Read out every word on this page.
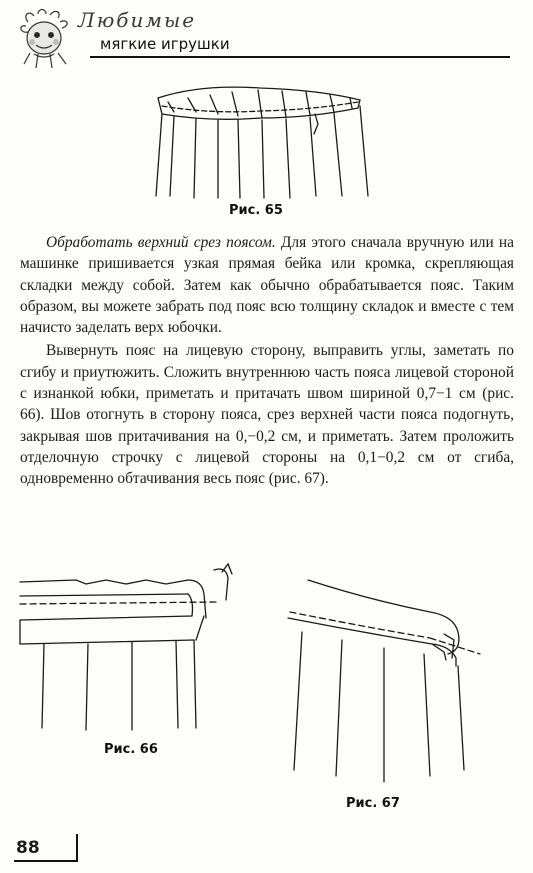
Любимые
мягкие игрушки
Рис. 65

Обработать верхний срез поясом. Для этого сначала вручную или на машинке пришивается узкая прямая бейка или кромка, скрепляющая складки между собой. Затем как обычно обрабатывается пояс. Таким образом, вы можете забрать под пояс всю толщину складок и вместе с тем начисто заделать верх юбочки.

Вывернуть пояс на лицевую сторону, выправить углы, заметать по сгибу и приутюжить. Сложить внутреннюю часть пояса лицевой стороной с изнанкой юбки, приметать и притачать швом шириной 0,7−1 см (рис. 66). Шов отогнуть в сторону пояса, срез верхней части пояса подогнуть, закрывая шов притачивания на 0,−0,2 см, и приметать. Затем проложить отделочную строчку с лицевой стороны на 0,1−0,2 см от сгиба, одновременно обтачивания весь пояс (рис. 67).

Рис. 66
Рис. 67
88
